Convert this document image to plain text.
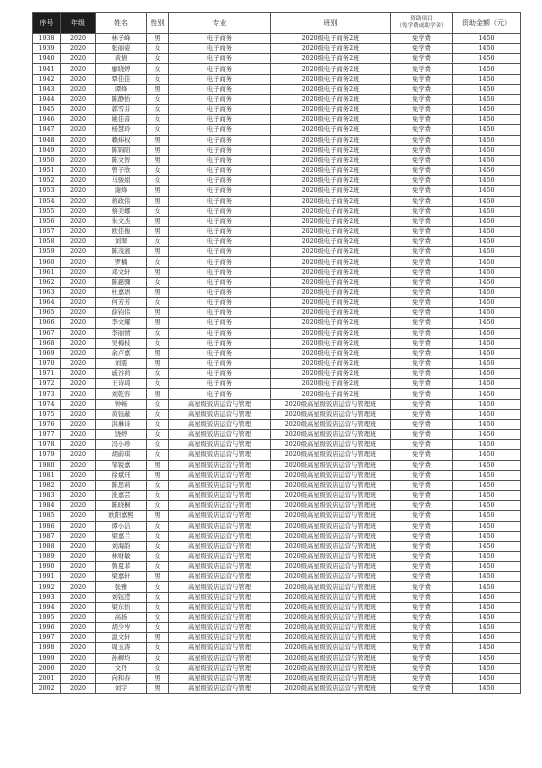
序号	年级	姓名	性别	专业	班别	资助项目
（免学费或助学金）	资助金额（元）
1938	2020	林子峰	男	电子商务	2020级电子商务2班	免学费	1450
1939	2020	张丽姿	女	电子商务	2020级电子商务2班	免学费	1450
1940	2020	黄倩	女	电子商务	2020级电子商务2班	免学费	1450
1941	2020	廖晓婷	女	电子商务	2020级电子商务2班	免学费	1450
1942	2020	覃佳佳	女	电子商务	2020级电子商务2班	免学费	1450
1943	2020	谭烽	男	电子商务	2020级电子商务2班	免学费	1450
1944	2020	陈静怡	女	电子商务	2020级电子商务2班	免学费	1450
1945	2020	郭雪芬	女	电子商务	2020级电子商务2班	免学费	1450
1946	2020	姚佳音	女	电子商务	2020级电子商务2班	免学费	1450
1947	2020	杨慧玲	女	电子商务	2020级电子商务2班	免学费	1450
1948	2020	赖炜权	男	电子商务	2020级电子商务2班	免学费	1450
1949	2020	陈锦阳	男	电子商务	2020级电子商务2班	免学费	1450
1950	2020	陈文智	男	电子商务	2020级电子商务2班	免学费	1450
1951	2020	曾子欣	女	电子商务	2020级电子商务2班	免学费	1450
1952	2020	马骏娟	女	电子商务	2020级电子商务2班	免学费	1450
1953	2020	谢烽	男	电子商务	2020级电子商务2班	免学费	1450
1954	2020	蒋政伟	男	电子商务	2020级电子商务2班	免学费	1450
1955	2020	蔡美娜	女	电子商务	2020级电子商务2班	免学费	1450
1956	2020	朱文杰	男	电子商务	2020级电子商务2班	免学费	1450
1957	2020	欧佳俊	男	电子商务	2020级电子商务2班	免学费	1450
1958	2020	刘翠	女	电子商务	2020级电子商务2班	免学费	1450
1959	2020	陈茂液	男	电子商务	2020级电子商务2班	免学费	1450
1960	2020	罗楠	女	电子商务	2020级电子商务2班	免学费	1450
1961	2020	邓文轩	男	电子商务	2020级电子商务2班	免学费	1450
1962	2020	陈慈骤	女	电子商务	2020级电子商务2班	免学费	1450
1963	2020	杜嘉语	男	电子商务	2020级电子商务2班	免学费	1450
1964	2020	何芳芳	女	电子商务	2020级电子商务2班	免学费	1450
1965	2020	薛钧伟	男	电子商务	2020级电子商务2班	免学费	1450
1966	2020	李文耀	男	电子商务	2020级电子商务2班	免学费	1450
1967	2020	李丽情	女	电子商务	2020级电子商务2班	免学费	1450
1968	2020	吴梅枝	女	电子商务	2020级电子商务2班	免学费	1450
1969	2020	余卢嘉	男	电子商务	2020级电子商务2班	免学费	1450
1970	2020	刘震	男	电子商务	2020级电子商务2班	免学费	1450
1971	2020	戚谷荷	女	电子商务	2020级电子商务2班	免学费	1450
1972	2020	王诗琦	女	电子商务	2020级电子商务2班	免学费	1450
1973	2020	刘乾容	男	电子商务	2020级电子商务2班	免学费	1450
1974	2020	钟畅	女	高星级饭店运营与管理	2020级高星级饭店运营与管理班	免学费	1450
1975	2020	黄钰蔽	女	高星级饭店运营与管理	2020级高星级饭店运营与管理班	免学费	1450
1976	2020	洪琳诗	女	高星级饭店运营与管理	2020级高星级饭店运营与管理班	免学费	1450
1977	2020	饶婷	女	高星级饭店运营与管理	2020级高星级饭店运营与管理班	免学费	1450
1978	2020	冯小珍	女	高星级饭店运营与管理	2020级高星级饭店运营与管理班	免学费	1450
1979	2020	胡蔚琪	女	高星级饭店运营与管理	2020级高星级饭店运营与管理班	免学费	1450
1980	2020	邹锐嘉	男	高星级饭店运营与管理	2020级高星级饭店运营与管理班	免学费	1450
1981	2020	徐斌珏	男	高星级饭店运营与管理	2020级高星级饭店运营与管理班	免学费	1450
1982	2020	陈思莉	女	高星级饭店运营与管理	2020级高星级饭店运营与管理班	免学费	1450
1983	2020	洗嘉芸	女	高星级饭店运营与管理	2020级高星级饭店运营与管理班	免学费	1450
1984	2020	陈晓桐	女	高星级饭店运营与管理	2020级高星级饭店运营与管理班	免学费	1450
1985	2020	欧阳嘉熙	男	高星级饭店运营与管理	2020级高星级饭店运营与管理班	免学费	1450
1986	2020	谭小洁	女	高星级饭店运营与管理	2020级高星级饭店运营与管理班	免学费	1450
1987	2020	梁嘉兰	女	高星级饭店运营与管理	2020级高星级饭店运营与管理班	免学费	1450
1988	2020	刘海韵	女	高星级饭店运营与管理	2020级高星级饭店运营与管理班	免学费	1450
1989	2020	林财敏	女	高星级饭店运营与管理	2020级高星级饭店运营与管理班	免学费	1450
1990	2020	鲁夏菲	女	高星级饭店运营与管理	2020级高星级饭店运营与管理班	免学费	1450
1991	2020	梁嘉轩	男	高星级饭店运营与管理	2020级高星级饭店运营与管理班	免学费	1450
1992	2020	张雅	女	高星级饭店运营与管理	2020级高星级饭店运营与管理班	免学费	1450
1993	2020	刘钰滢	女	高星级饭店运营与管理	2020级高星级饭店运营与管理班	免学费	1450
1994	2020	梁东怡	女	高星级饭店运营与管理	2020级高星级饭店运营与管理班	免学费	1450
1995	2020	高扬	女	高星级饭店运营与管理	2020级高星级饭店运营与管理班	免学费	1450
1996	2020	胡少岑	女	高星级饭店运营与管理	2020级高星级饭店运营与管理班	免学费	1450
1997	2020	温文轩	男	高星级饭店运营与管理	2020级高星级饭店运营与管理班	免学费	1450
1998	2020	周玉涛	女	高星级饭店运营与管理	2020级高星级饭店运营与管理班	免学费	1450
1999	2020	孙柳均	女	高星级饭店运营与管理	2020级高星级饭店运营与管理班	免学费	1450
2000	2020	文丹	女	高星级饭店运营与管理	2020级高星级饭店运营与管理班	免学费	1450
2001	2020	向和春	男	高星级饭店运营与管理	2020级高星级饭店运营与管理班	免学费	1450
2002	2020	刘宇	男	高星级饭店运营与管理	2020级高星级饭店运营与管理班	免学费	1450
